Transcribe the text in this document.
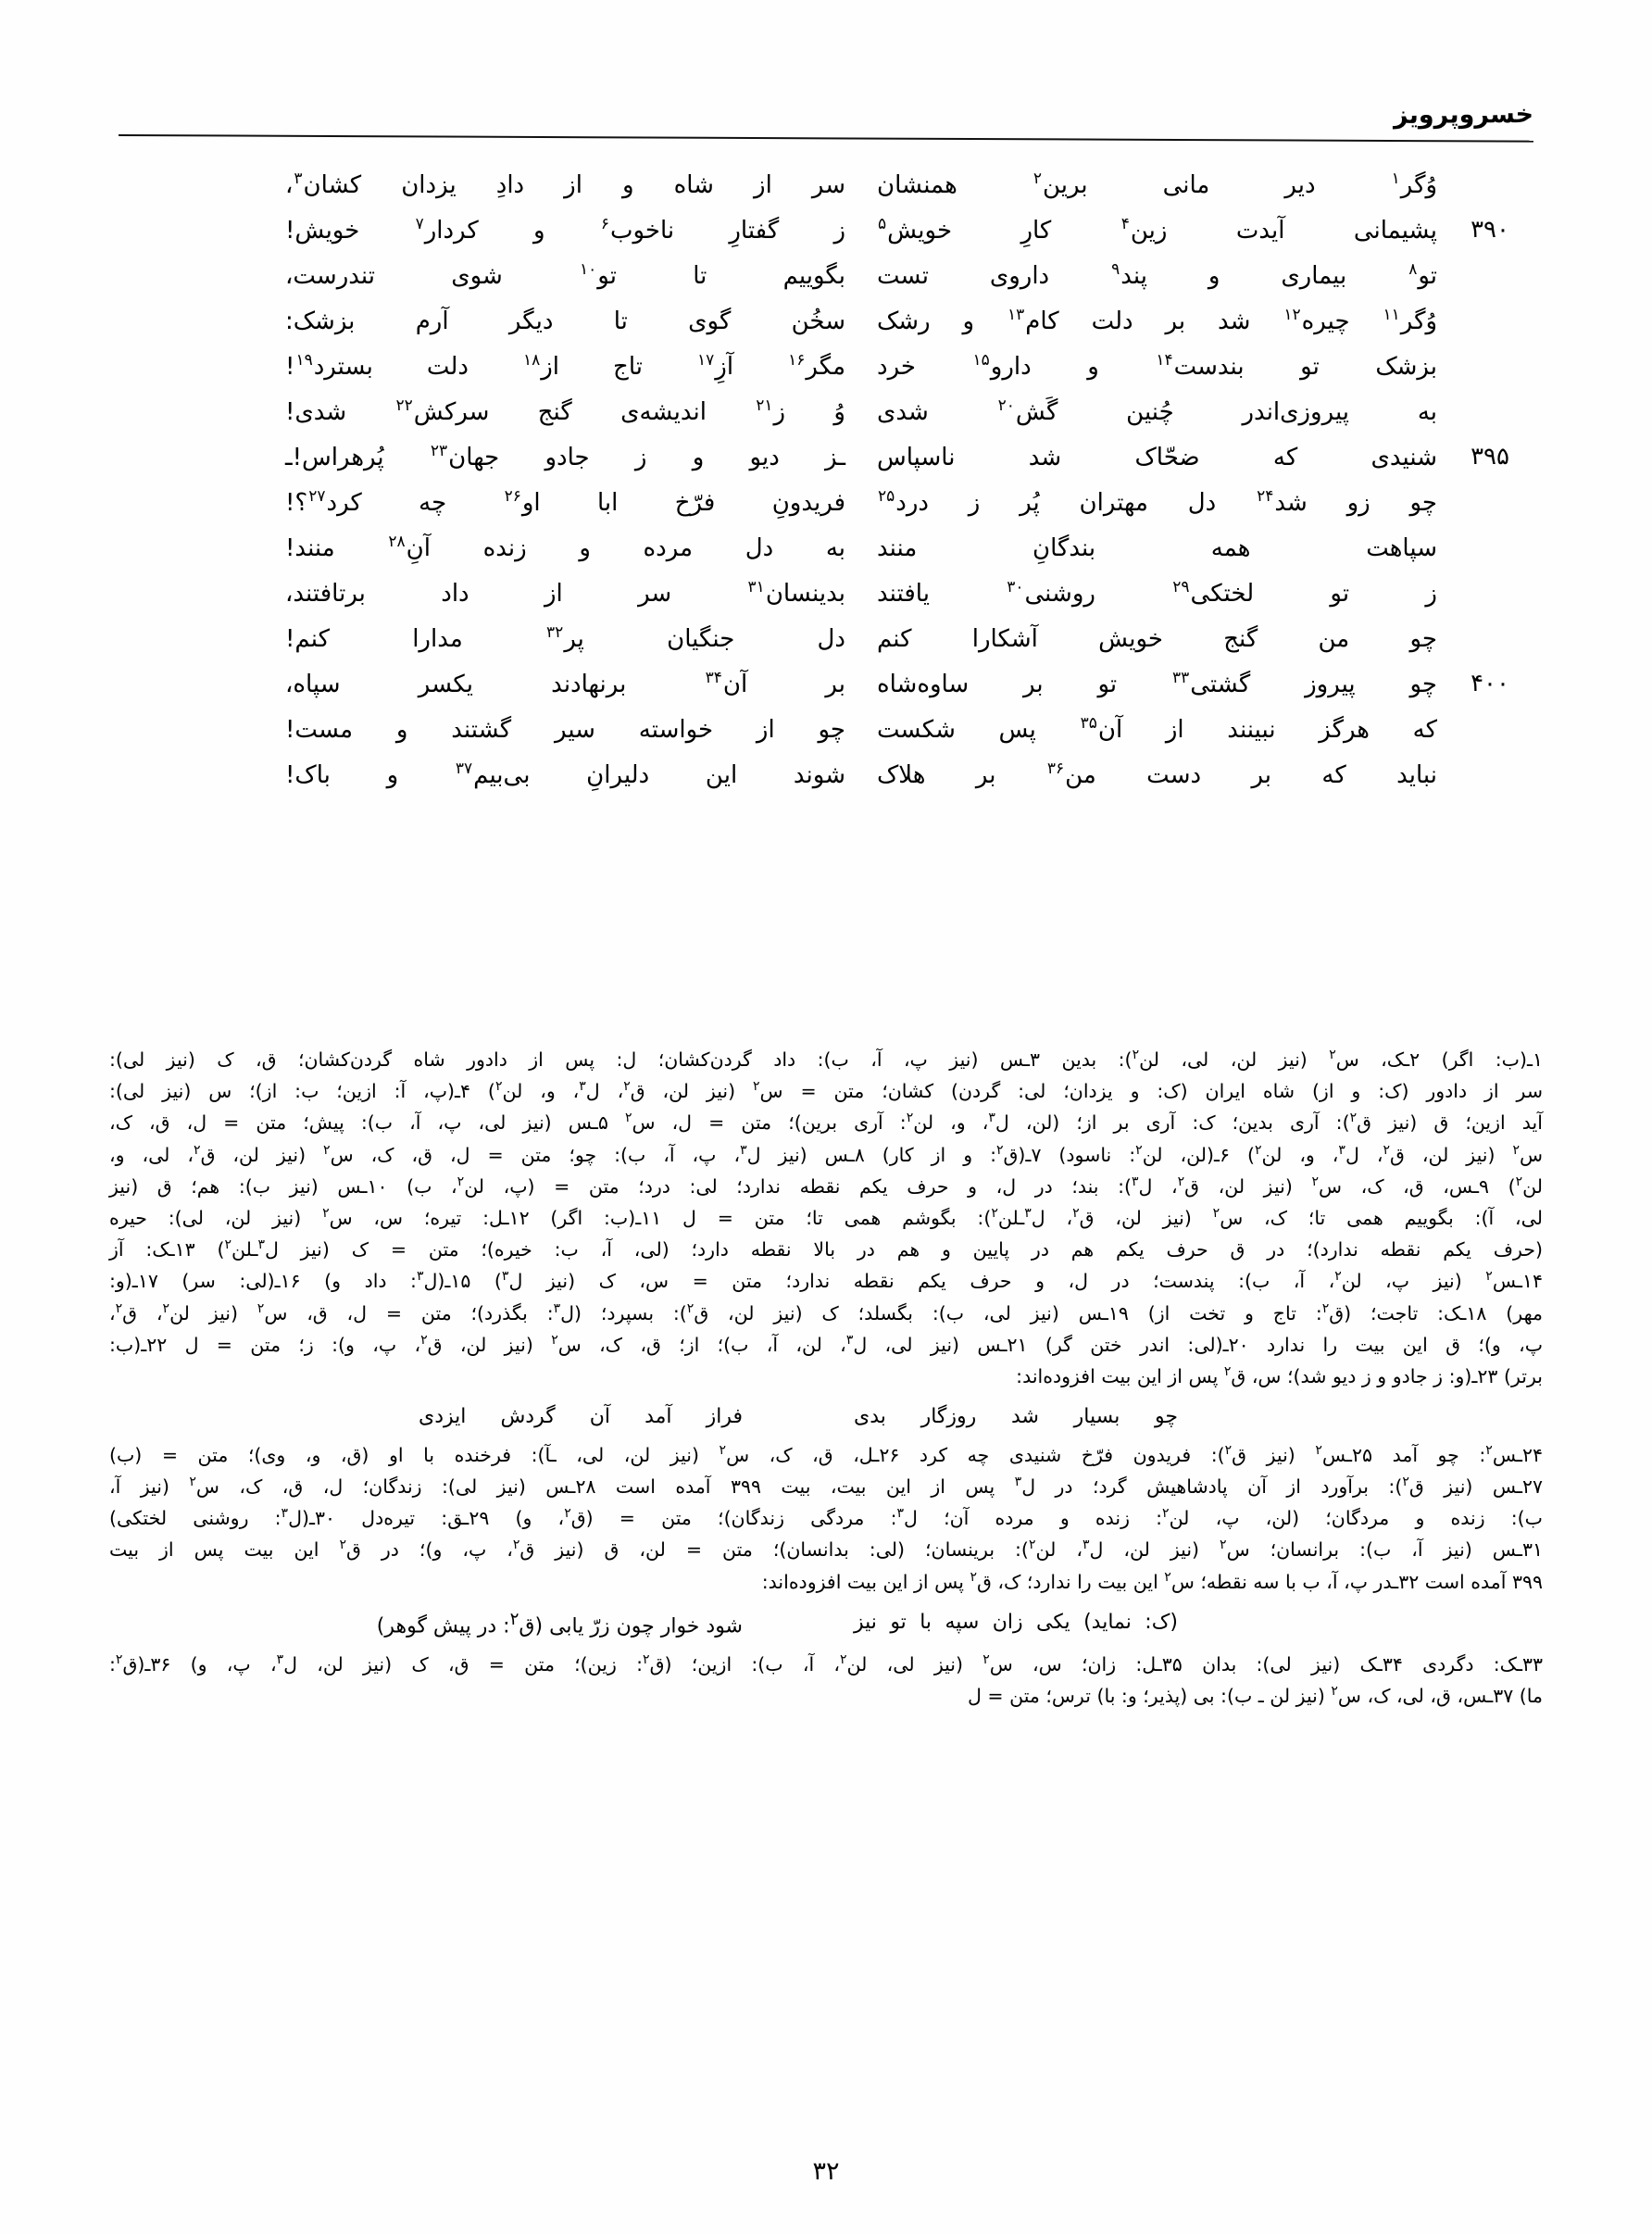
خسروپرویز
وُگر$^۱$ دیر مانی برین$^۲$ همنشان
سر از شاه و از دادِ یزدان کشان$^۳$،
۳۹۰
پشیمانی آیدت زین$^۴$ کارِ خویش$^۵$
ز گفتارِ ناخوب$^۶$ و کردار$^۷$ خویش!
تو$^۸$ بیماری و پند$^۹$ داروی تست
بگوییم تا تو$^{۱۰}$ شوی تندرست،
وُگر$^{۱۱}$ چیره$^{۱۲}$ شد بر دلت کام$^{۱۳}$ و رشک
سخُن گوی تا دیگر آرم بزشک:
بزشک تو بندست$^{۱۴}$ و دارو$^{۱۵}$ خرد
مگر$^{۱۶}$ آزِ$^{۱۷}$ تاج از$^{۱۸}$ دلت بسترد$^{۱۹}$!
به پیروزی‌اندر چُنین گَش$^{۲۰}$ شدی
وُ ز$^{۲۱}$ اندیشه‌ی گنج سرکش$^{۲۲}$ شدی!
۳۹۵
شنیدی که ضحّاک شد ناسپاس
ـز دیو و ز جادو جهان$^{۲۳}$ پُرهراس!ـ
چو زو شد$^{۲۴}$ دل مهتران پُر ز درد$^{۲۵}$
فریدونِ فرّخ ابا او$^{۲۶}$ چه کرد$^{۲۷}$؟!
سپاهت همه بندگانِ منند
به دل مرده و زنده آنِ$^{۲۸}$ منند!
ز تو لختکی$^{۲۹}$ روشنی$^{۳۰}$ یافتند
بدینسان$^{۳۱}$ سر از داد برتافتند،
چو من گنج خویش آشکارا کنم
دل جنگیان پر$^{۳۲}$ مدارا کنم!
۴۰۰
چو پیروز گشتی$^{۳۳}$ تو بر ساوه‌شاه
بر آن$^{۳۴}$ برنهادند یکسر سپاه،
که هرگز نبینند از آن$^{۳۵}$ پس شکست
چو از خواسته سیر گشتند و مست!
نباید که بر دست من$^{۳۶}$ بر هلاک
شوند این دلیرانِ بی‌بیم$^{۳۷}$ و باک!
۱ـ(ب: اگر) ۲ـک، س$^۲$ (نیز لن، لی، لن$^۲$): بدین ۳ـس (نیز پ، آ، ب): داد گردن‌کشان؛ ل: پس از دادور شاه گردن‌کشان؛ ق، ک (نیز لی):
سر از دادور (ک: و از) شاه ایران (ک: و یزدان؛ لی: گردن) کشان؛ متن = س$^۲$ (نیز لن، ق$^۲$، ل$^۳$، و، لن$^۲$) ۴ـ(پ، آ: ازین؛ ب: از)؛ س (نیز لی):
آید ازین؛ ق (نیز ق$^۲$): آری بدین؛ ک: آری بر از؛ (لن، ل$^۳$، و، لن$^۲$: آری برین)؛ متن = ل، س$^۲$ ۵ـس (نیز لی، پ، آ، ب): پیش؛ متن = ل، ق، ک،
س$^۲$ (نیز لن، ق$^۲$، ل$^۳$، و، لن$^۲$) ۶ـ(لن، لن$^۲$: ناسود) ۷ـ(ق$^۲$: و از کار) ۸ـس (نیز ل$^۳$، پ، آ، ب): چو؛ متن = ل، ق، ک، س$^۲$ (نیز لن، ق$^۲$، لی، و،
لن$^۲$) ۹ـس، ق، ک، س$^۲$ (نیز لن، ق$^۲$، ل$^۳$): بند؛ در ل، و حرف یکم نقطه ندارد؛ لی: درد؛ متن = (پ، لن$^۲$، ب) ۱۰ـس (نیز ب): هم؛ ق (نیز
لی، آ): بگوییم همی تا؛ ک، س$^۲$ (نیز لن، ق$^۲$، ل$^۳$ـلن$^۲$): بگوشم همی تا؛ متن = ل ۱۱ـ(ب: اگر) ۱۲ـل: تیره؛ س، س$^۲$ (نیز لن، لی): حیره
(حرف یکم نقطه ندارد)؛ در ق حرف یکم هم در پایین و هم در بالا نقطه دارد؛ (لی، آ، ب: خیره)؛ متن = ک (نیز ل$^۳$ـلن$^۲$) ۱۳ـک: آز
۱۴ـس$^۲$ (نیز پ، لن$^۲$، آ، ب): پندست؛ در ل، و حرف یکم نقطه ندارد؛ متن = س، ک (نیز ل$^۳$) ۱۵ـ(ل$^۳$: داد و) ۱۶ـ(لی: سر) ۱۷ـ(و:
مهر) ۱۸ـک: تاجت؛ (ق$^۲$: تاج و تخت از) ۱۹ـس (نیز لی، ب): بگسلد؛ ک (نیز لن، ق$^۲$): بسپرد؛ (ل$^۳$: بگذرد)؛ متن = ل، ق، س$^۲$ (نیز لن$^۲$، ق$^۲$،
پ، و)؛ ق این بیت را ندارد ۲۰ـ(لی: اندر ختن گر) ۲۱ـس (نیز لی، ل$^۳$، لن، آ، ب)؛ از؛ ق، ک، س$^۲$ (نیز لن، ق$^۲$، پ، و): ز؛ متن = ل ۲۲ـ(ب:
برتر) ۲۳ـ(و: ز جادو و ز دیو شد)؛ س، ق$^۲$ پس از این بیت افزوده‌اند:
چو بسیار شد روزگار بدی
فراز آمد آن گردش ایزدی
۲۴ـس$^۲$: چو آمد ۲۵ـس$^۲$ (نیز ق$^۲$): فریدون فرّخ شنیدی چه کرد ۲۶ـل، ق، ک، س$^۲$ (نیز لن، لی، ـآ): فرخنده با او (ق، و، وی)؛ متن = (ب)
۲۷ـس (نیز ق$^۲$): برآورد از آن پادشاهیش گرد؛ در ل$^۳$ پس از این بیت، بیت ۳۹۹ آمده است ۲۸ـس (نیز لی): زندگان؛ ل، ق، ک، س$^۲$ (نیز آ،
ب): زنده و مردگان؛ (لن، پ، لن$^۲$: زنده و مرده آن؛ ل$^۳$: مردگی زندگان)؛ متن = (ق$^۲$، و) ۲۹ـق: تیره‌دل ۳۰ـ(ل$^۳$: روشنی لختکی)
۳۱ـس (نیز آ، ب): برانسان؛ س$^۲$ (نیز لن، ل$^۳$، لن$^۲$): برینسان؛ (لی: بدانسان)؛ متن = لن، ق (نیز ق$^۲$، پ، و)؛ در ق$^۲$ این بیت پس از بیت
۳۹۹ آمده است ۳۲ـدر پ، آ، ب با سه نقطه؛ س$^۲$ این بیت را ندارد؛ ک، ق$^۲$ پس از این بیت افزوده‌اند:
(ک: نماید) یکی زان سپه با تو نیز
شود خوار چون زرّ یابی (ق$^۲$: در پیش گوهر)
۳۳ـک: دگردی ۳۴ـک (نیز لی): بدان ۳۵ـل: زان؛ س، س$^۲$ (نیز لی، لن$^۲$، آ، ب): ازین؛ (ق$^۲$: زین)؛ متن = ق، ک (نیز لن، ل$^۳$، پ، و) ۳۶ـ(ق$^۲$:
ما) ۳۷ـس، ق، لی، ک، س$^۲$ (نیز لن ـ ب): بی (پذیر؛ و: با) ترس؛ متن = ل
۳۲
